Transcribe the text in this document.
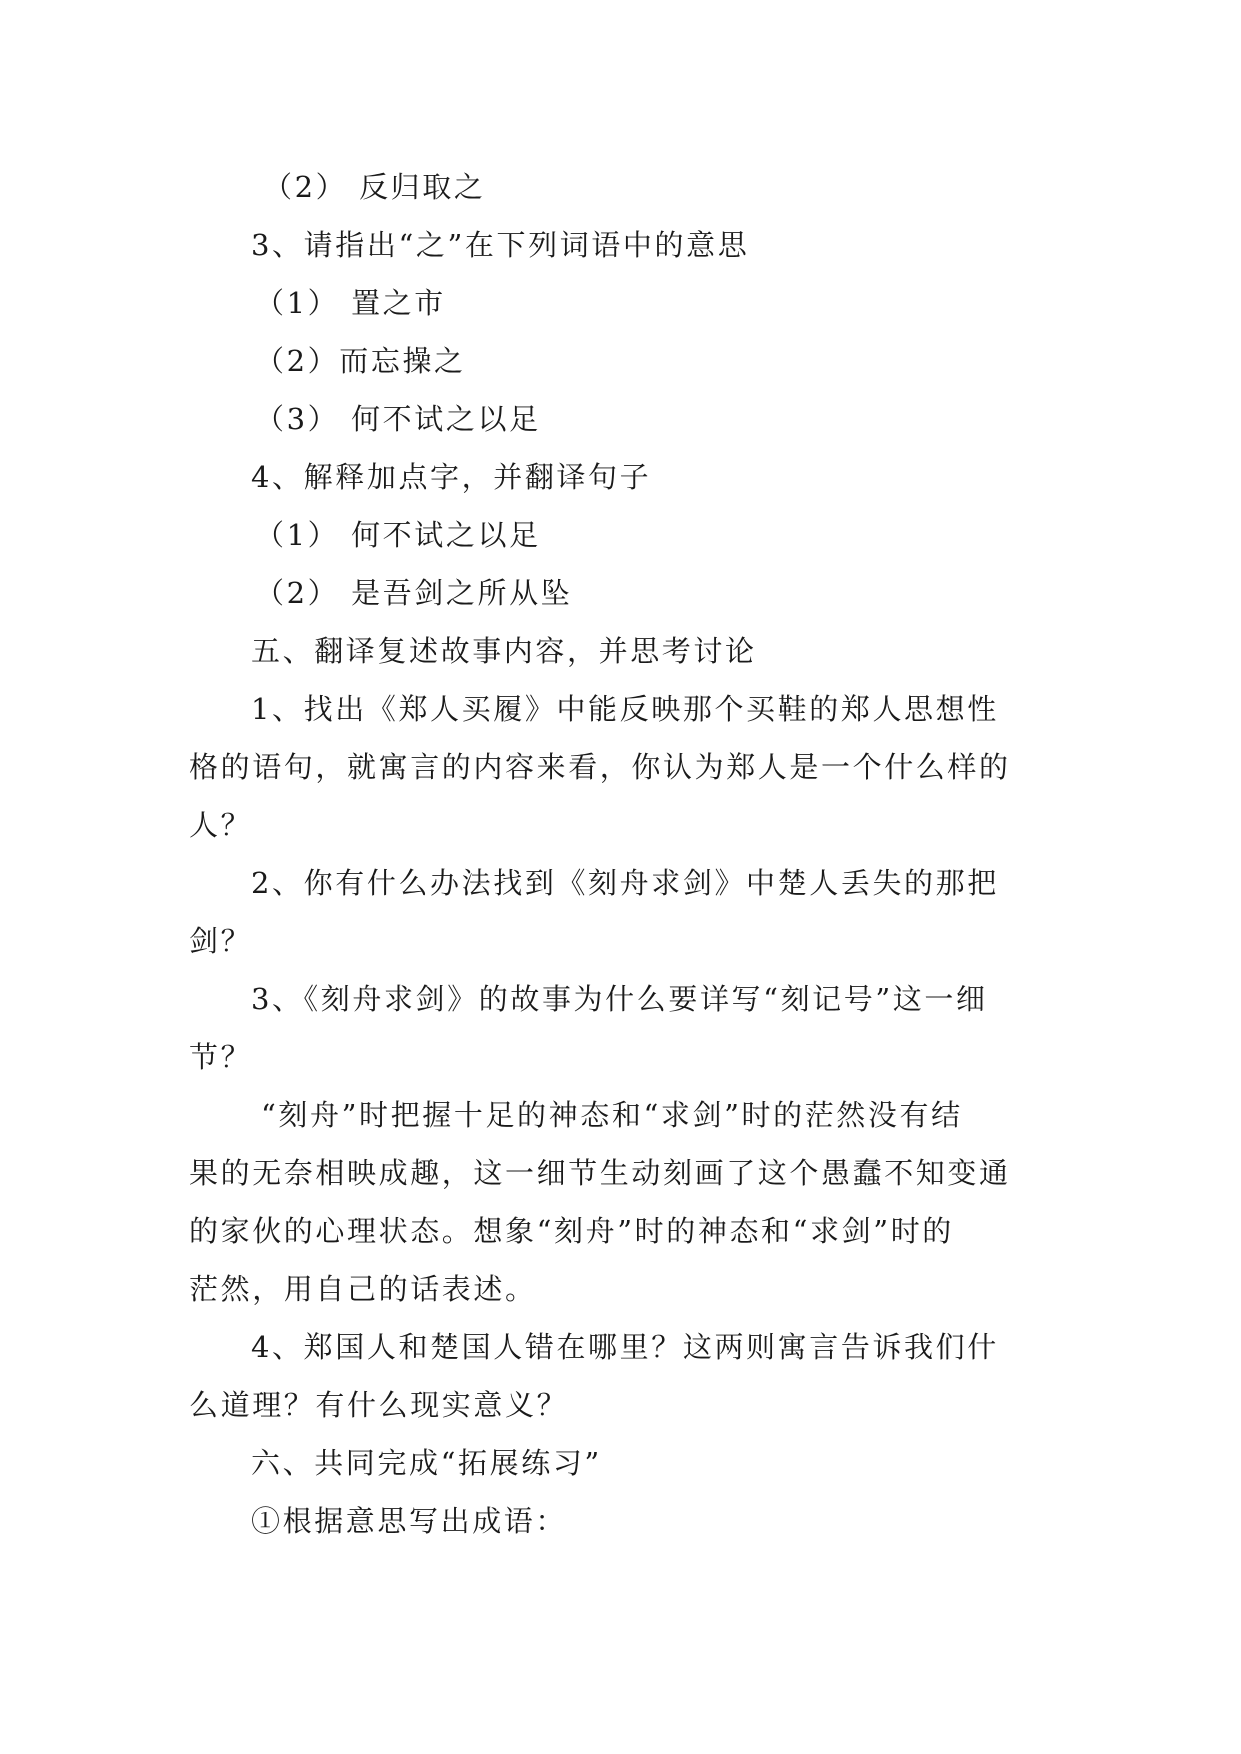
（2） 反归取之
3、请指出“之”在下列词语中的意思
（1） 置之市
（2）而忘操之
（3） 何不试之以足
4、解释加点字，并翻译句子
（1） 何不试之以足
（2） 是吾剑之所从坠
五、翻译复述故事内容，并思考讨论
1、找出《郑人买履》中能反映那个买鞋的郑人思想性
格的语句，就寓言的内容来看，你认为郑人是一个什么样的
人？
2、你有什么办法找到《刻舟求剑》中楚人丢失的那把
剑？
3、《刻舟求剑》的故事为什么要详写“刻记号”这一细
节？
“刻舟”时把握十足的神态和“求剑”时的茫然没有结
果的无奈相映成趣，这一细节生动刻画了这个愚蠢不知变通
的家伙的心理状态。想象“刻舟”时的神态和“求剑”时的
茫然，用自己的话表述。
4、郑国人和楚国人错在哪里？这两则寓言告诉我们什
么道理？有什么现实意义？
六、共同完成“拓展练习”
①根据意思写出成语：
